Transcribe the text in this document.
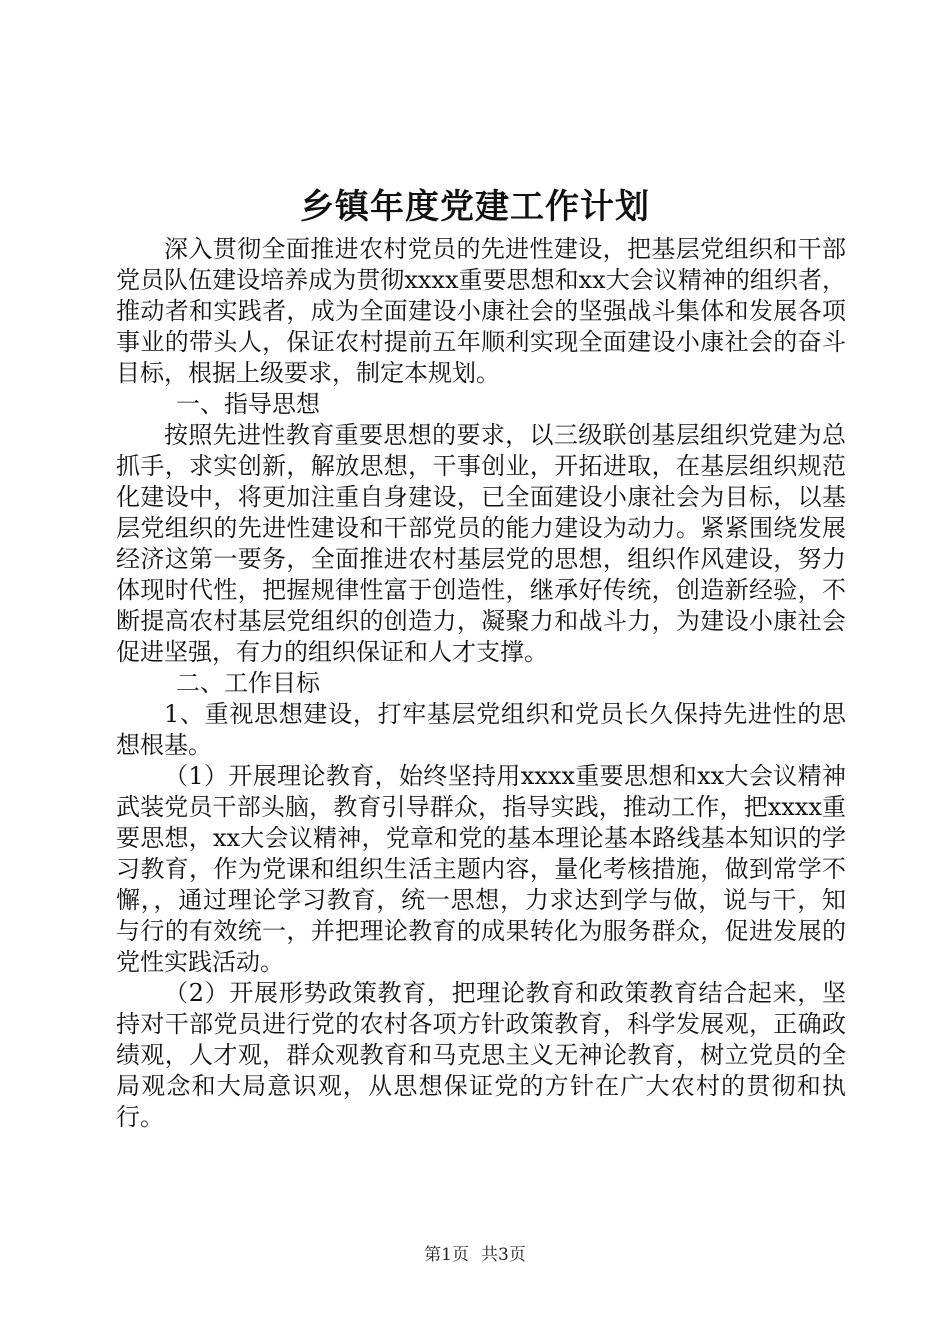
乡镇年度党建工作计划

深入贯彻全面推进农村党员的先进性建设，把基层党组织和干部党员队伍建设培养成为贯彻xxxx重要思想和xx大会议精神的组织者，推动者和实践者，成为全面建设小康社会的坚强战斗集体和发展各项事业的带头人，保证农村提前五年顺利实现全面建设小康社会的奋斗目标，根据上级要求，制定本规划。

一、指导思想

按照先进性教育重要思想的要求，以三级联创基层组织党建为总抓手，求实创新，解放思想，干事创业，开拓进取，在基层组织规范化建设中，将更加注重自身建设，已全面建设小康社会为目标，以基层党组织的先进性建设和干部党员的能力建设为动力。紧紧围绕发展经济这第一要务，全面推进农村基层党的思想，组织作风建设，努力体现时代性，把握规律性富于创造性，继承好传统，创造新经验，不断提高农村基层党组织的创造力，凝聚力和战斗力，为建设小康社会促进坚强，有力的组织保证和人才支撑。

二、工作目标

1、重视思想建设，打牢基层党组织和党员长久保持先进性的思想根基。

（1）开展理论教育，始终坚持用xxxx重要思想和xx大会议精神武装党员干部头脑，教育引导群众，指导实践，推动工作，把xxxx重要思想，xx大会议精神，党章和党的基本理论基本路线基本知识的学习教育，作为党课和组织生活主题内容，量化考核措施，做到常学不懈，，通过理论学习教育，统一思想，力求达到学与做，说与干，知与行的有效统一，并把理论教育的成果转化为服务群众，促进发展的党性实践活动。

（2）开展形势政策教育，把理论教育和政策教育结合起来，坚持对干部党员进行党的农村各项方针政策教育，科学发展观，正确政绩观，人才观，群众观教育和马克思主义无神论教育，树立党员的全局观念和大局意识观，从思想保证党的方针在广大农村的贯彻和执行。

第1页 共3页
